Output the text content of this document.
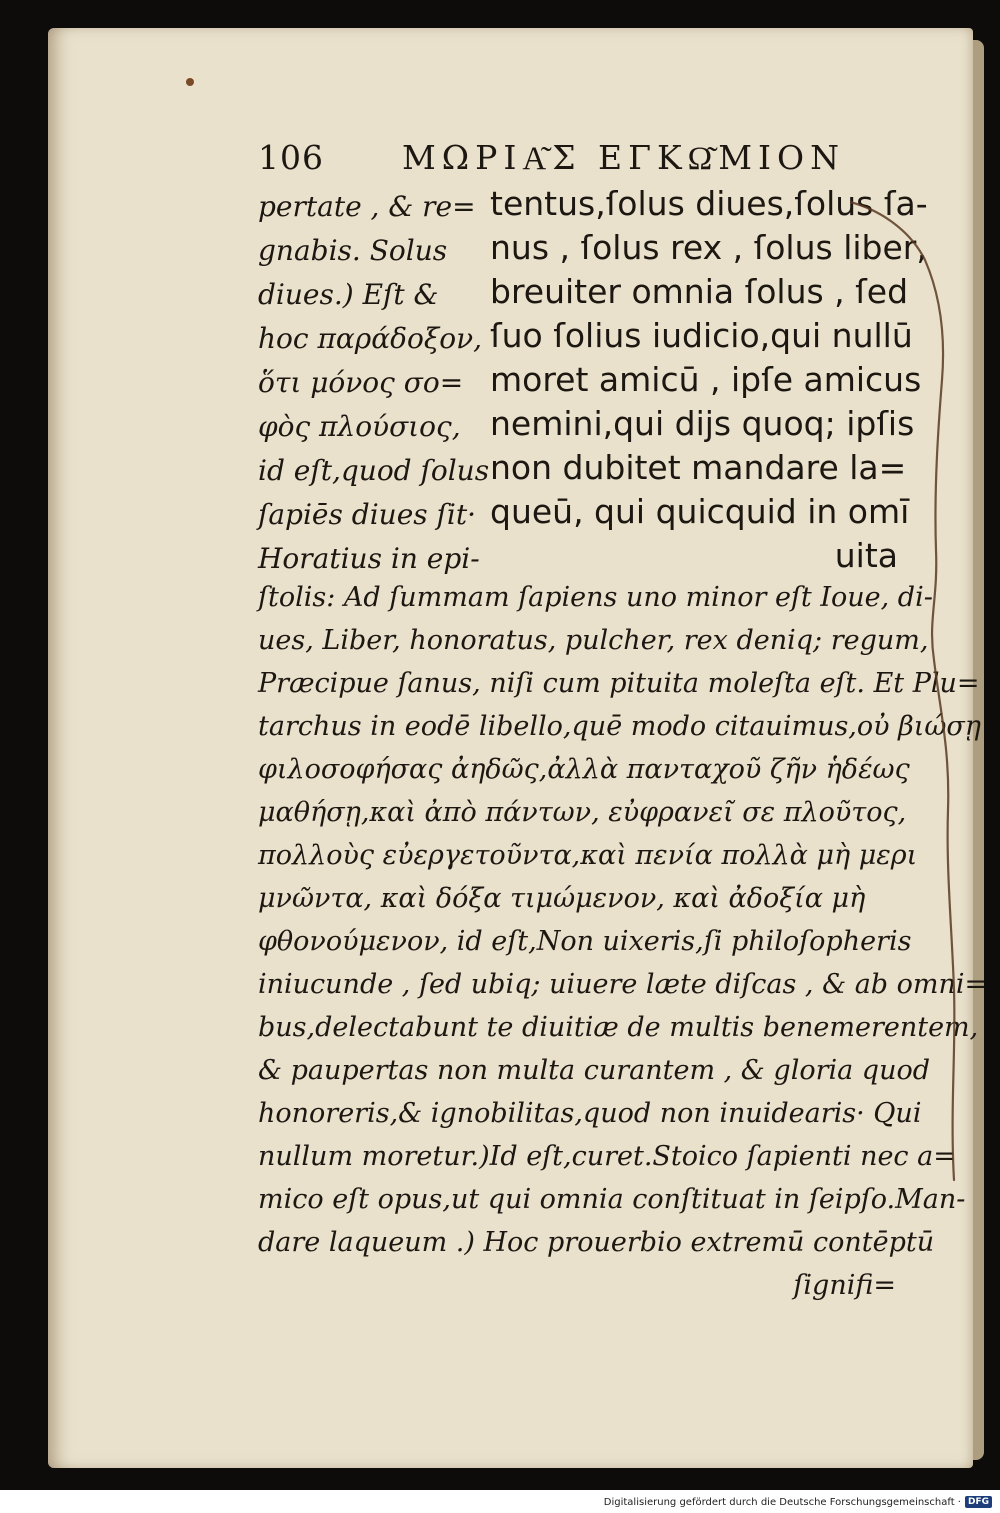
106 ΜΩΡΙΑ͂Σ ΕΓΚΩ͂ΜΙΟΝ
pertate , & re=
gnabis. Solus
diues.) Eſt &
hoc παράδοξον,
ὅτι μόνος σο=
φὸς πλούσιος,
id eſt,quod ſolus
ſapiēs diues ſit·
Horatius in epi-
tentus,ſolus diues,ſolus ſa-
nus , ſolus rex , ſolus liber,
breuiter omnia ſolus , ſed
ſuo ſolius iudicio,qui nullū
moret amicū , ipſe amicus
nemini,qui dijs quoq; ipſis
non dubitet mandare la=
queū, qui quicquid in omī
uita
ſtolis: Ad ſummam ſapiens uno minor eſt Ioue, di-
ues, Liber, honoratus, pulcher, rex deniq; regum,
Præcipue ſanus, niſi cum pituita moleſta eſt. Et Plu=
tarchus in eodē libello,quē modo citauimus,οὐ βιώσῃ
φιλοσοφήσας ἀηδῶς,ἀλλὰ πανταχοῦ ζῆν ἡδέως
μαθήσῃ,καὶ ἀπὸ πάντων, εὐφρανεῖ σε πλοῦτος,
πολλοὺς εὐεργετοῦντα,καὶ πενία πολλὰ μὴ μερι
μνῶντα, καὶ δόξα τιμώμενον, καὶ ἀδοξία μὴ
φθονούμενον, id eſt,Non uixeris,ſi philoſopheris
iniucunde , ſed ubiq; uiuere læte diſcas , & ab omni=
bus,delectabunt te diuitiæ de multis benemerentem,
& paupertas non multa curantem , & gloria quod
honoreris,& ignobilitas,quod non inuidearis· Qui
nullum moretur.)Id eſt,curet.Stoico ſapienti nec a=
mico eſt opus,ut qui omnia conſtituat in ſeipſo.Man-
dare laqueum .) Hoc prouerbio extremū contēptū
ſignifi=
Digitalisierung gefördert durch die Deutsche Forschungsgemeinschaft · DFG
